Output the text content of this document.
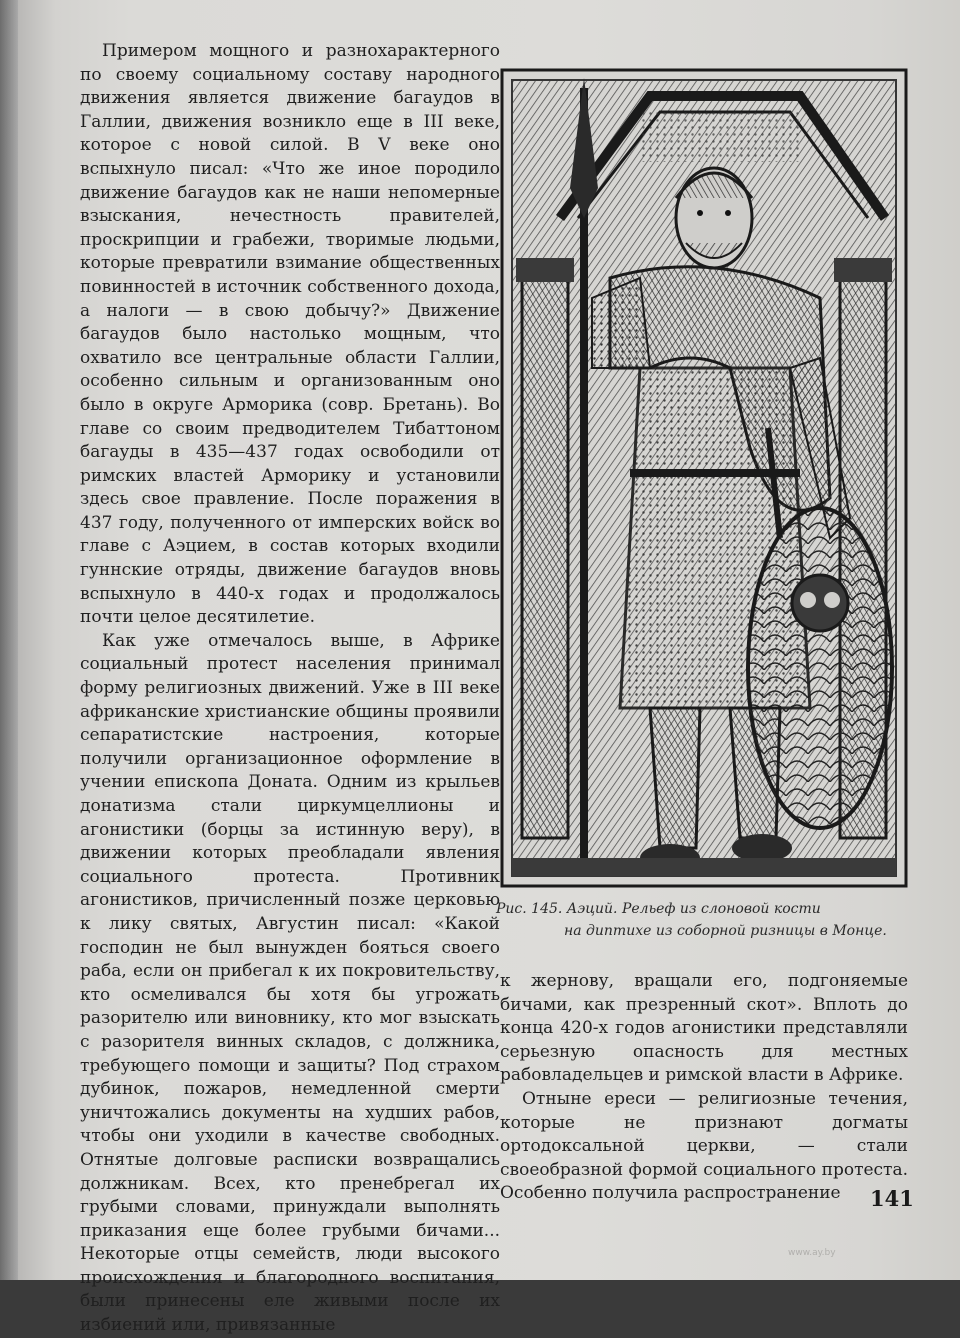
Примером мощного и разнохарактерного по своему социальному составу народного движения является движение багаудов в Галлии, движения возникло еще в III веке, которое с новой силой. В V веке оно вспыхнуло писал: «Что же иное породило движение багаудов как не наши непомерные взыскания, нечестность правителей, проскрипции и грабежи, творимые людьми, которые превратили взимание общественных повинностей в источник собственного дохода, а налоги — в свою добычу?» Движение багаудов было настолько мощным, что охватило все центральные области Галлии, особенно сильным и организованным оно было в округе Арморика (совр. Бретань). Во главе со своим предводителем Тибаттоном багауды в 435—437 годах освободили от римских властей Арморику и установили здесь свое правление. После поражения в 437 году, полученного от имперских войск во главе с Аэцием, в состав которых входили гуннские отряды, движение багаудов вновь вспыхнуло в 440-х годах и продолжалось почти целое десятилетие.

Как уже отмечалось выше, в Африке социальный протест населения принимал форму религиозных движений. Уже в III веке африканские христианские общины проявили сепаратистские настроения, которые получили организационное оформление в учении епископа Доната. Одним из крыльев донатизма стали циркумцеллионы и агонистики (борцы за истинную веру), в движении которых преобладали явления социального протеста. Противник агонистиков, причисленный позже церковью к лику святых, Августин писал: «Какой господин не был вынужден бояться своего раба, если он прибегал к их покровительству, кто осмеливался бы хотя бы угрожать разорителю или виновнику, кто мог взыскать с разорителя винных складов, с должника, требующего помощи и защиты? Под страхом дубинок, пожаров, немедленной смерти уничтожались документы на худших рабов, чтобы они уходили в качестве свободных. Отнятые долговые расписки возвращались должникам. Всех, кто пренебрегал их грубыми словами, принуждали выполнять приказания еще более грубыми бичами... Некоторые отцы семейств, люди высокого происхождения и благородного воспитания, были принесены еле живыми после их избиений или, привязанные

Рис. 145. Аэций. Рельеф из слоновой кости
на диптихе из соборной ризницы в Монце.

к жернову, вращали его, подгоняемые бичами, как презренный скот». Вплоть до конца 420-х годов агонистики представляли серьезную опасность для местных рабовладельцев и римской власти в Африке.

Отныне ереси — религиозные течения, которые не признают догматы ортодоксальной церкви, — стали своеобразной формой социального протеста. Особенно получила распространение	141
www.ay.by
